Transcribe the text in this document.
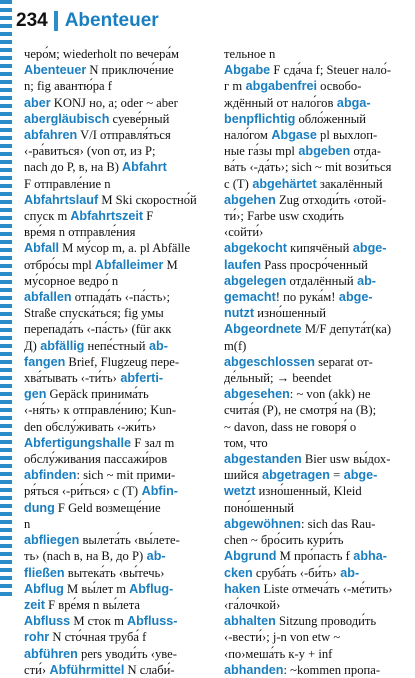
234 Abenteuer
черо́м; wiederholt по вечера́м
Abenteuer N приключе́ние
n; fig авантю́ра f
aber KONJ но, а; oder ~ aber
abergläubisch суеве́рный
abfahren V/I отправля́ться
‹-ра́виться› (von от, из P;
nach до P, в, на B) Abfahrt
F отправле́ние n
Abfahrtslauf M Ski скоростно́й
спуск m Abfahrtszeit F
вре́мя n отправле́ния
Abfall M му́сор m, a. pl Abfälle
отбро́сы mpl Abfalleimer M
му́сорное ведро́ n
abfallen отпада́ть ‹-па́сть›;
Straße спуска́ться; fig умы
перепада́ть ‹-па́сть› (für акк
Д) abfällig непе́стный ab-
fangen Brief, Flugzeug пере-
хва́тывать ‹-ти́ть› abferti-
gen Gepäck принима́ть
‹-ня́ть› к отправле́нию; Kun-
den обслу́живать ‹-жи́ть›
Abfertigungshalle F зал m
обслу́живания пассажи́ров
abfinden: sich ~ mit прими-
ря́ться ‹-ри́ться› с (T) Abfin-
dung F Geld возмеще́ние
n
abfliegen вылета́ть ‹вы́лете-
ть› (nach в, на B, до P) ab-
fließen вытека́ть ‹вы́течь›
Abflug M вы́лет m Abflug-
zeit F вре́мя n вы́лета
Abfluss M сток m Abfluss-
rohr N сто́чная труба́ f
abführen pers уводи́ть ‹уве-
сти́› Abführmittel N слаби́-
тельное n
Abgabe F сда́ча f; Steuer нало́-
г m abgabenfrei освобо-
ждённый от нало́гов abga-
benpflichtig обло́женный
нало́гом Abgase pl выхлоп-
ные га́зы mpl abgeben отда-
ва́ть ‹-да́ть›; sich ~ mit вози́ться
с (T) abgehärtet закалённый
abgehen Zug отходи́ть ‹отой-
ти́›; Farbe usw сходи́ть
‹сойти́›
abgekocht кипячёный abge-
laufen Pass просро́ченный
abgelegen отдалённый ab-
gemacht! по рука́м! abge-
nutzt изно́шенный
Abgeordnete M/F депута́т(ка)
m(f)
abgeschlossen separat от-
де́льный; → beendet
abgesehen: ~ von (akk) не
счита́я (P), не смотря́ на (B);
~ davon, dass не говоря́ о
том, что
abgestanden Bier usw вы́дох-
шийся abgetragen = abge-
wetzt изно́шенный, Kleid
поно́шенный
abgewöhnen: sich das Rau-
chen ~ бро́сить кури́ть
Abgrund M про́пасть f abha-
cken сруба́ть ‹-би́ть› ab-
haken Liste отмеча́ть ‹-ме́тить›
‹га́лочкой›
abhalten Sitzung проводи́ть
‹-вести́›; j-n von etw ~
‹по›меша́ть к-у + inf
abhanden: ~kommen пропа-
